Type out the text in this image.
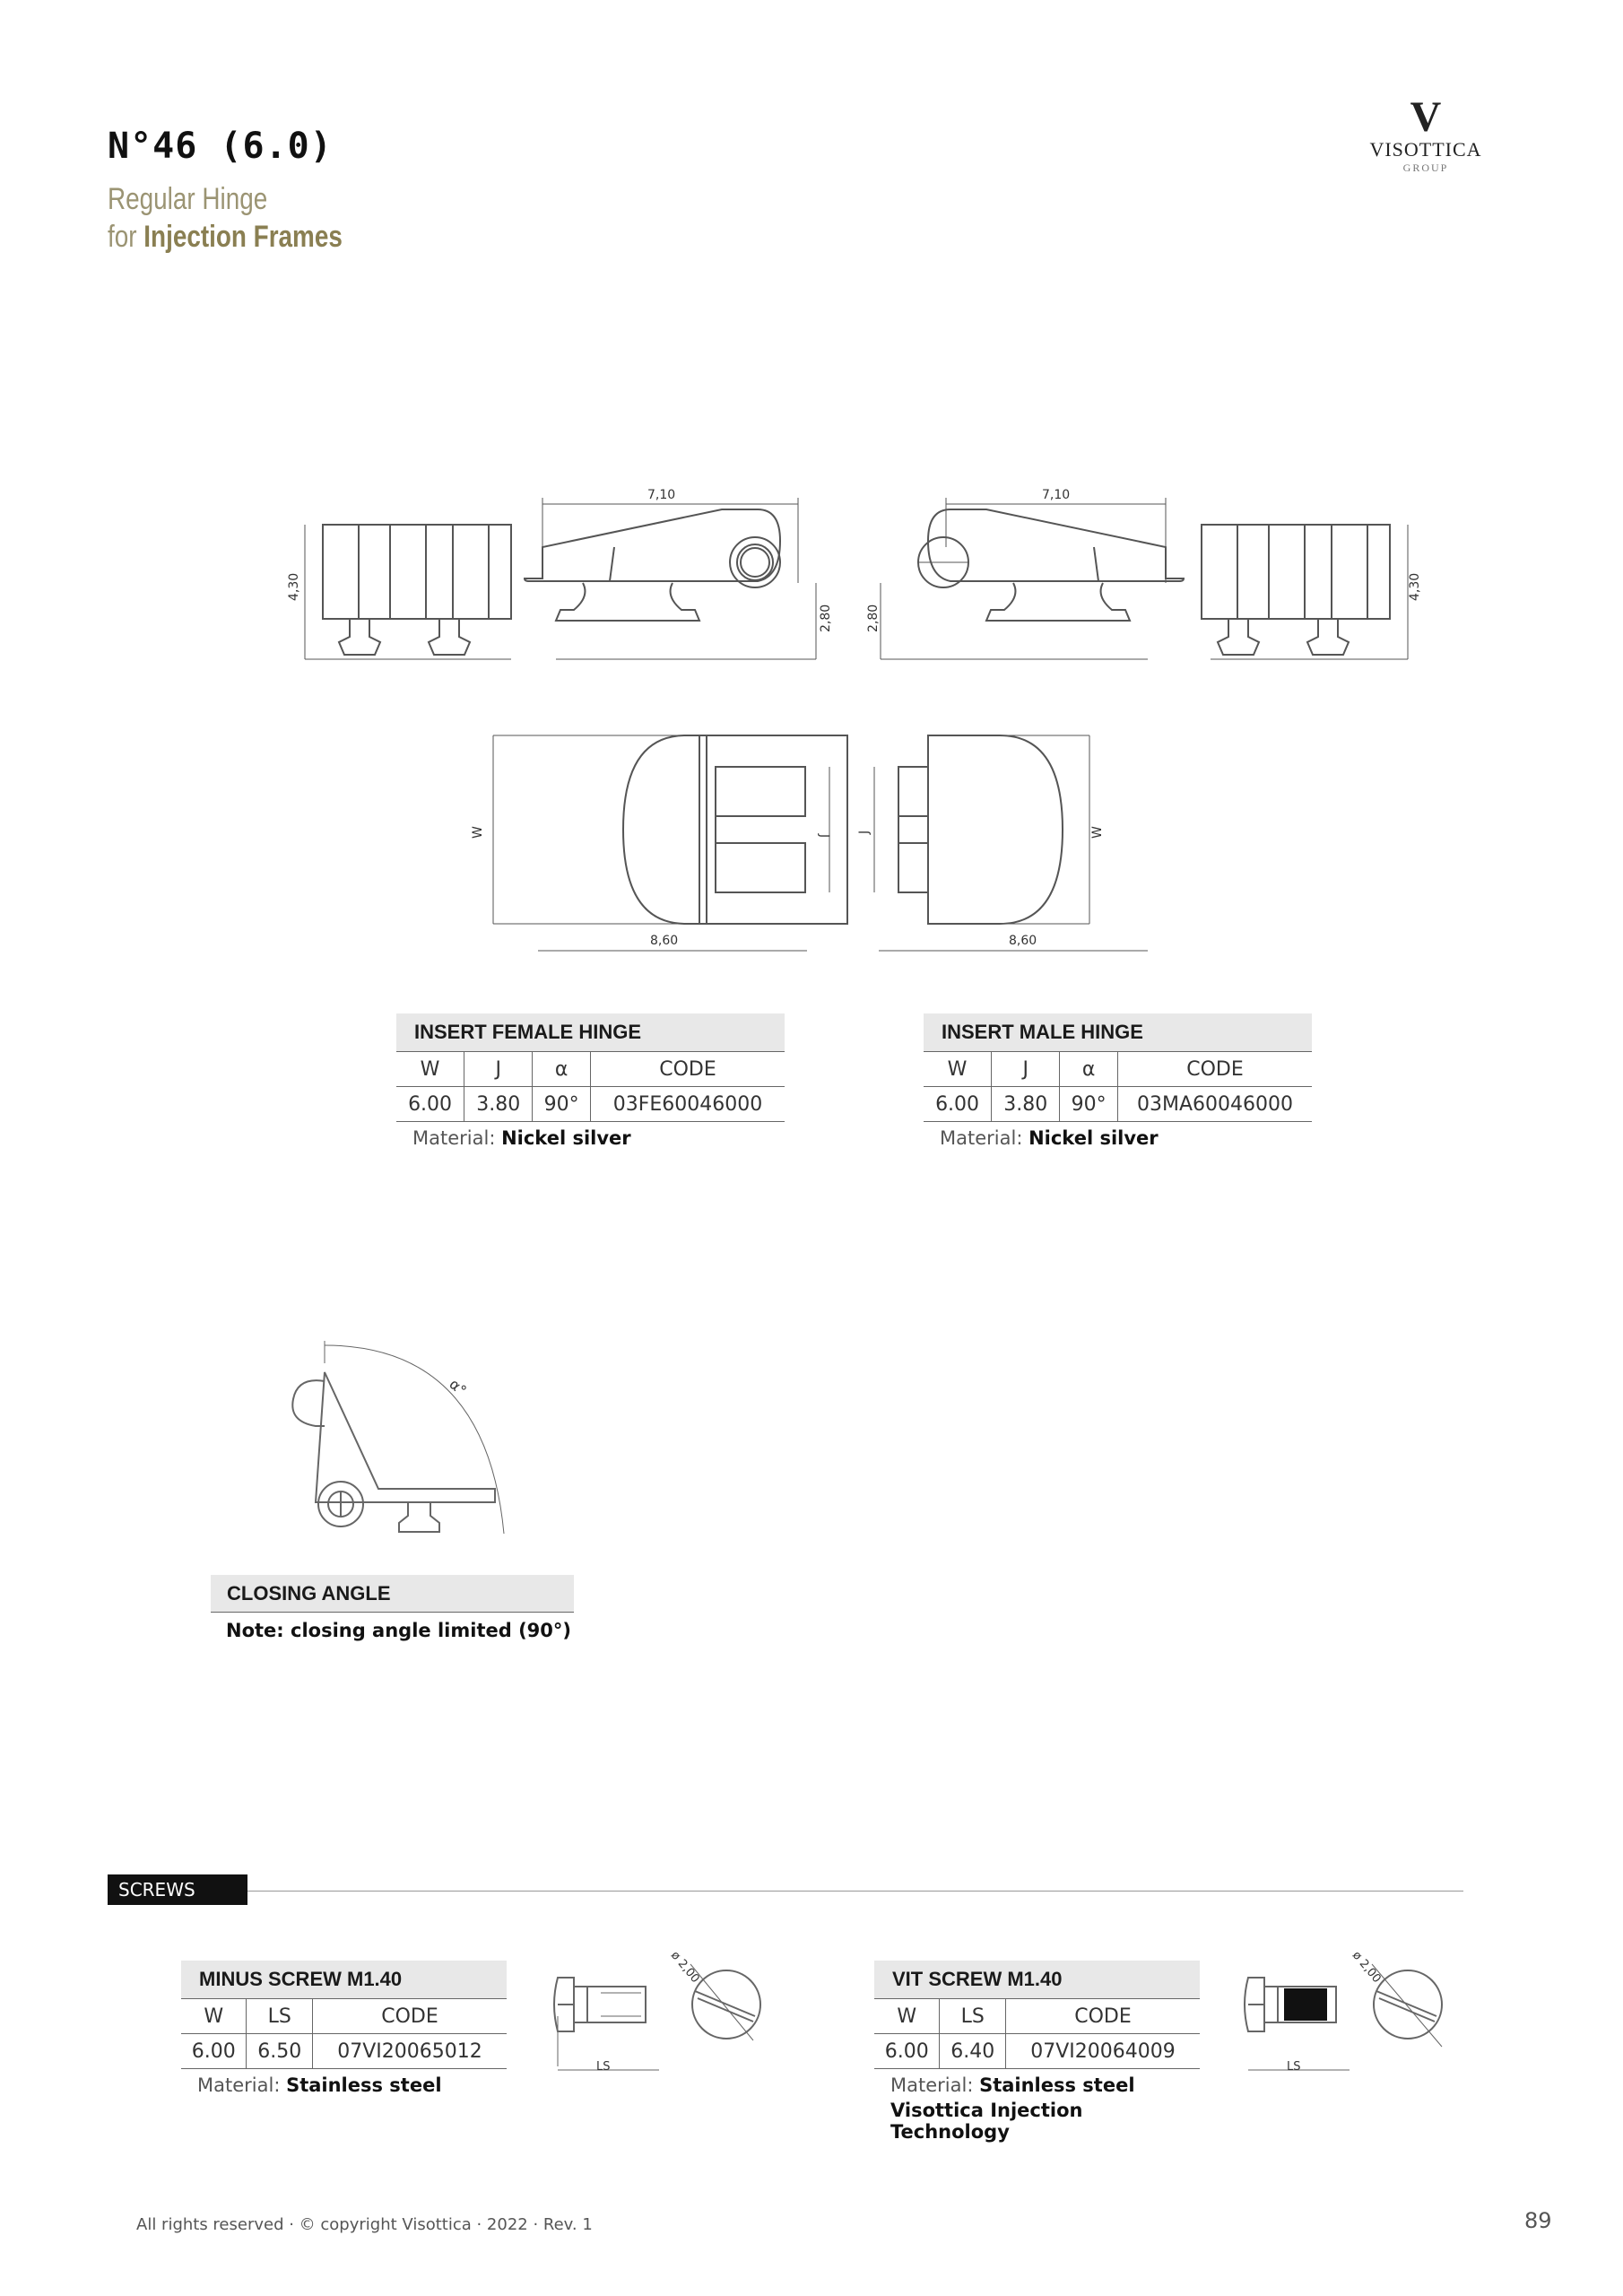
N°46 (6.0)
Regular Hinge
for Injection Frames
V
VISOTTICA
GROUP
4,30
7,10
2,80
7,10
2,80
4,30
W	J
8,60
W
J
8,60
INSERT FEMALE HINGE			
W	J	α	CODE
6.00	3.80	90°	03FE60046000
Material: Nickel silver
INSERT MALE HINGE			
W	J	α	CODE
6.00	3.80	90°	03MA60046000
Material: Nickel silver
α°
CLOSING ANGLE
Note: closing angle limited (90°)
SCREWS
MINUS SCREW M1.40		
W	LS	CODE
6.00	6.50	07VI20065012
Material: Stainless steel
LS
ø 2,00	VIT SCREW M1.40		
W	LS	CODE
6.00	6.40	07VI20064009
Material: Stainless steel
Visottica Injection Technology
LS
ø 2,00
All rights reserved · © copyright Visottica · 2022 · Rev. 1	89
